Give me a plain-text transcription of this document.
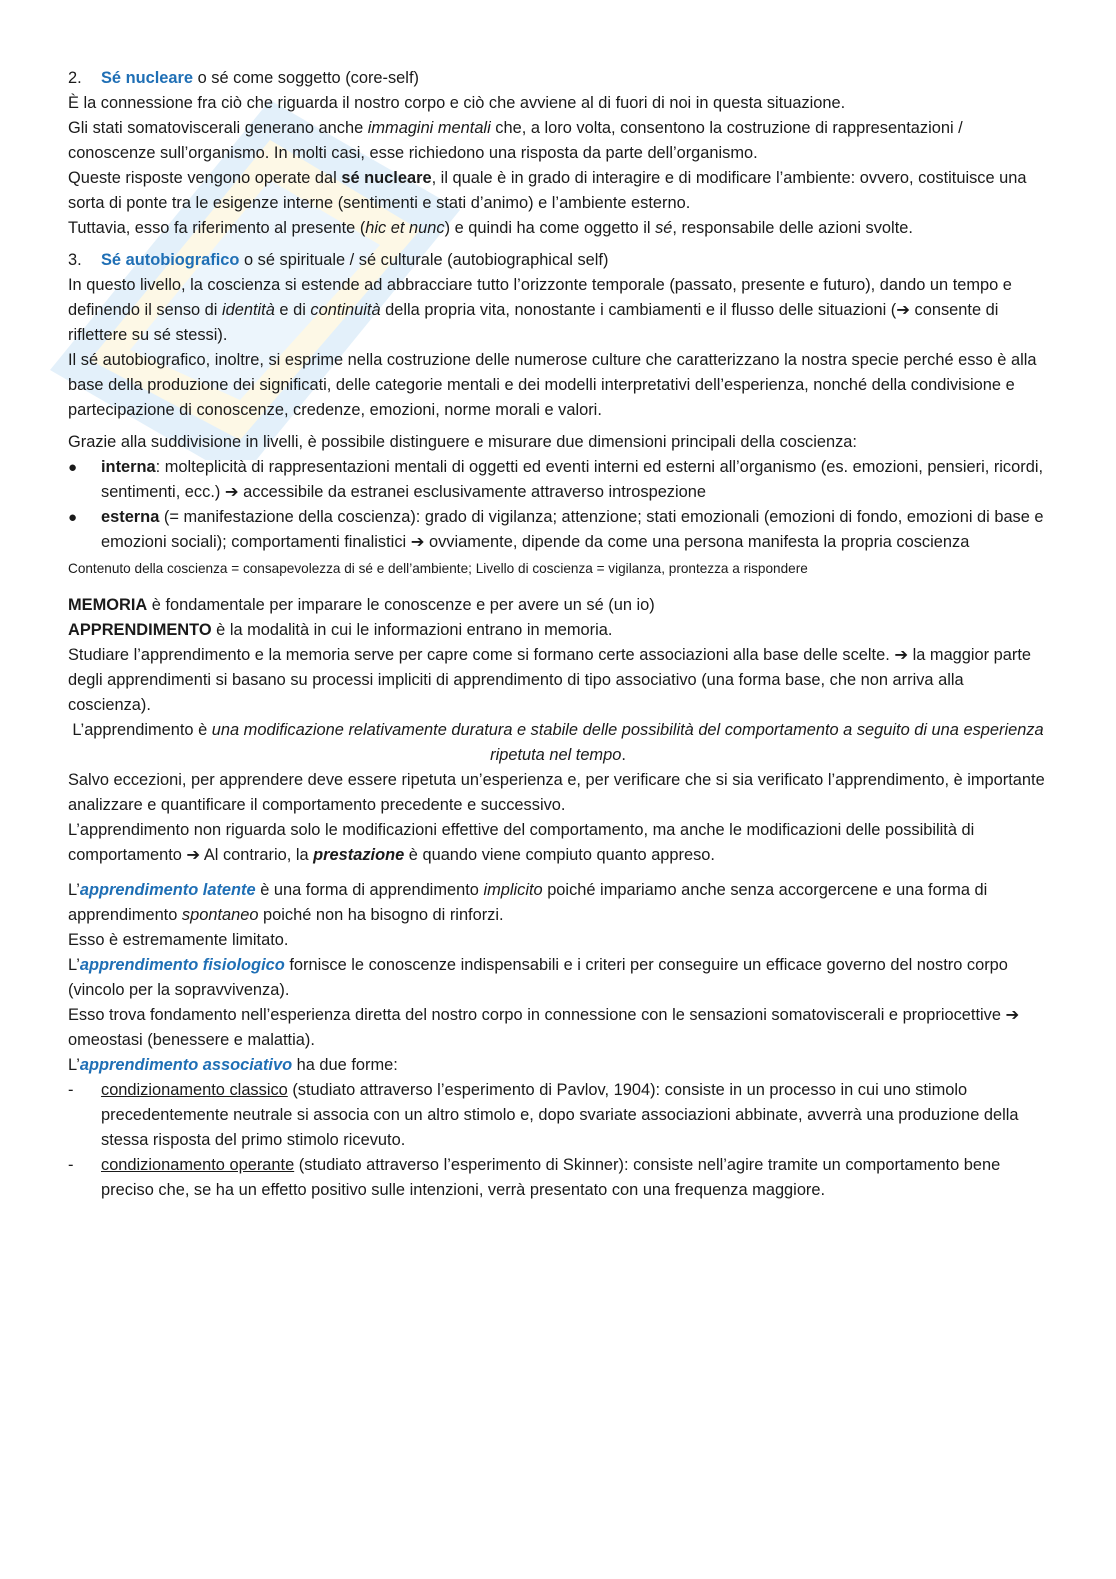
2.	Sé nucleare o sé come soggetto (core-self)

È la connessione fra ciò che riguarda il nostro corpo e ciò che avviene al di fuori di noi in questa situazione.

Gli stati somatoviscerali generano anche immagini mentali che, a loro volta, consentono la costruzione di rappresentazioni / conoscenze sull’organismo. In molti casi, esse richiedono una risposta da parte dell’organismo.

Queste risposte vengono operate dal sé nucleare, il quale è in grado di interagire e di modificare l’ambiente: ovvero, costituisce una sorta di ponte tra le esigenze interne (sentimenti e stati d’animo) e l’ambiente esterno.

Tuttavia, esso fa riferimento al presente (hic et nunc) e quindi ha come oggetto il sé, responsabile delle azioni svolte.

3.	Sé autobiografico o sé spirituale / sé culturale (autobiographical self)

In questo livello, la coscienza si estende ad abbracciare tutto l’orizzonte temporale (passato, presente e futuro), dando un tempo e definendo il senso di identità e di continuità della propria vita, nonostante i cambiamenti e il flusso delle situazioni (➔ consente di riflettere su sé stessi).

Il sé autobiografico, inoltre, si esprime nella costruzione delle numerose culture che caratterizzano la nostra specie perché esso è alla base della produzione dei significati, delle categorie mentali e dei modelli interpretativi dell’esperienza, nonché della condivisione e partecipazione di conoscenze, credenze, emozioni, norme morali e valori.

Grazie alla suddivisione in livelli, è possibile distinguere e misurare due dimensioni principali della coscienza:

●	interna: molteplicità di rappresentazioni mentali di oggetti ed eventi interni ed esterni all’organismo (es. emozioni, pensieri, ricordi, sentimenti, ecc.) ➔ accessibile da estranei esclusivamente attraverso introspezione

●	esterna (= manifestazione della coscienza): grado di vigilanza; attenzione; stati emozionali (emozioni di fondo, emozioni di base e emozioni sociali); comportamenti finalistici ➔ ovviamente, dipende da come una persona manifesta la propria coscienza

Contenuto della coscienza = consapevolezza di sé e dell’ambiente; Livello di coscienza = vigilanza, prontezza a rispondere

MEMORIA è fondamentale per imparare le conoscenze e per avere un sé (un io)

APPRENDIMENTO è la modalità in cui le informazioni entrano in memoria.

Studiare l’apprendimento e la memoria serve per capre come si formano certe associazioni alla base delle scelte. ➔ la maggior parte degli apprendimenti si basano su processi impliciti di apprendimento di tipo associativo (una forma base, che non arriva alla coscienza).

L’apprendimento è una modificazione relativamente duratura e stabile delle possibilità del comportamento a seguito di una esperienza ripetuta nel tempo.

Salvo eccezioni, per apprendere deve essere ripetuta un’esperienza e, per verificare che si sia verificato l’apprendimento, è importante analizzare e quantificare il comportamento precedente e successivo.

L’apprendimento non riguarda solo le modificazioni effettive del comportamento, ma anche le modificazioni delle possibilità di comportamento ➔ Al contrario, la prestazione è quando viene compiuto quanto appreso.

L’apprendimento latente è una forma di apprendimento implicito poiché impariamo anche senza accorgercene e una forma di apprendimento spontaneo poiché non ha bisogno di rinforzi.

Esso è estremamente limitato.

L’apprendimento fisiologico fornisce le conoscenze indispensabili e i criteri per conseguire un efficace governo del nostro corpo (vincolo per la sopravvivenza).

Esso trova fondamento nell’esperienza diretta del nostro corpo in connessione con le sensazioni somatoviscerali e propriocettive ➔ omeostasi (benessere e malattia).

L’apprendimento associativo ha due forme:

-	condizionamento classico (studiato attraverso l’esperimento di Pavlov, 1904): consiste in un processo in cui uno stimolo precedentemente neutrale si associa con un altro stimolo e, dopo svariate associazioni abbinate, avverrà una produzione della stessa risposta del primo stimolo ricevuto.

-	condizionamento operante (studiato attraverso l’esperimento di Skinner): consiste nell’agire tramite un comportamento bene preciso che, se ha un effetto positivo sulle intenzioni, verrà presentato con una frequenza maggiore.
